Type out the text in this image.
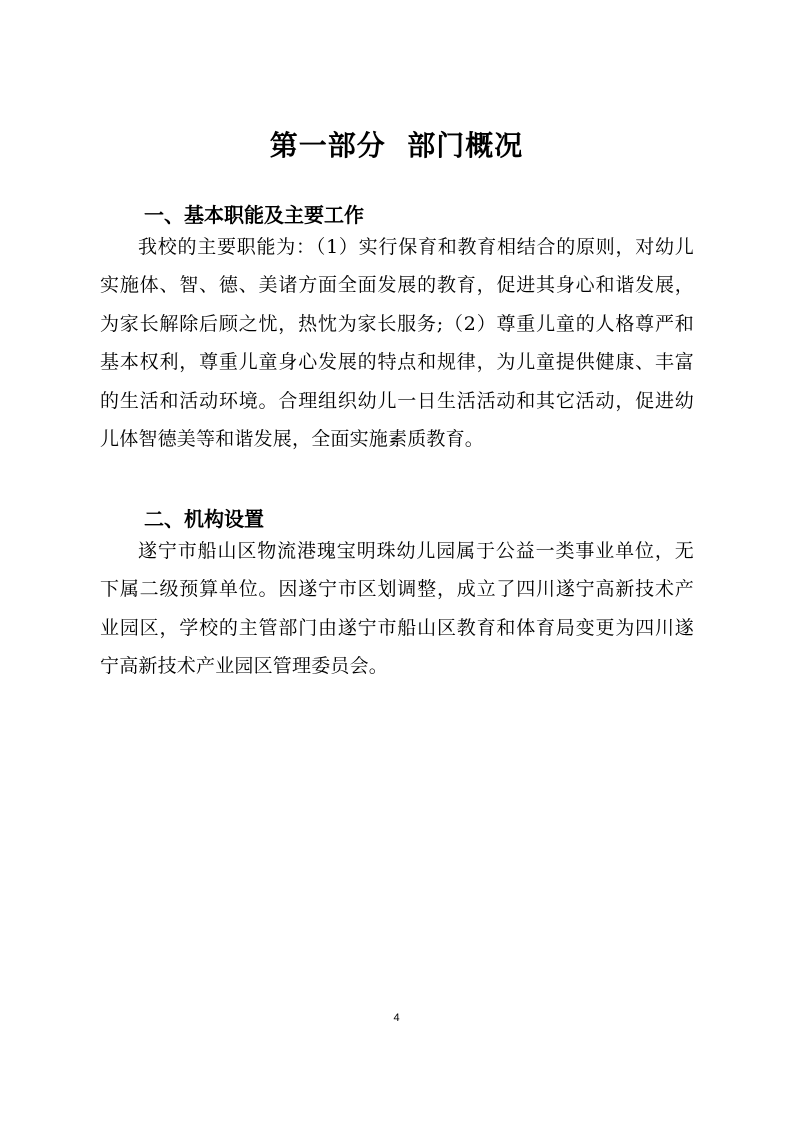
第一部分  部门概况
一、基本职能及主要工作

我校的主要职能为：（1）实行保育和教育相结合的原则，对幼儿实施体、智、德、美诸方面全面发展的教育，促进其身心和谐发展，为家长解除后顾之忧，热忱为家长服务;（2）尊重儿童的人格尊严和基本权利，尊重儿童身心发展的特点和规律，为儿童提供健康、丰富的生活和活动环境。合理组织幼儿一日生活活动和其它活动，促进幼儿体智德美等和谐发展，全面实施素质教育。

二、机构设置

遂宁市船山区物流港瑰宝明珠幼儿园属于公益一类事业单位，无下属二级预算单位。因遂宁市区划调整，成立了四川遂宁高新技术产业园区，学校的主管部门由遂宁市船山区教育和体育局变更为四川遂宁高新技术产业园区管理委员会。

4
